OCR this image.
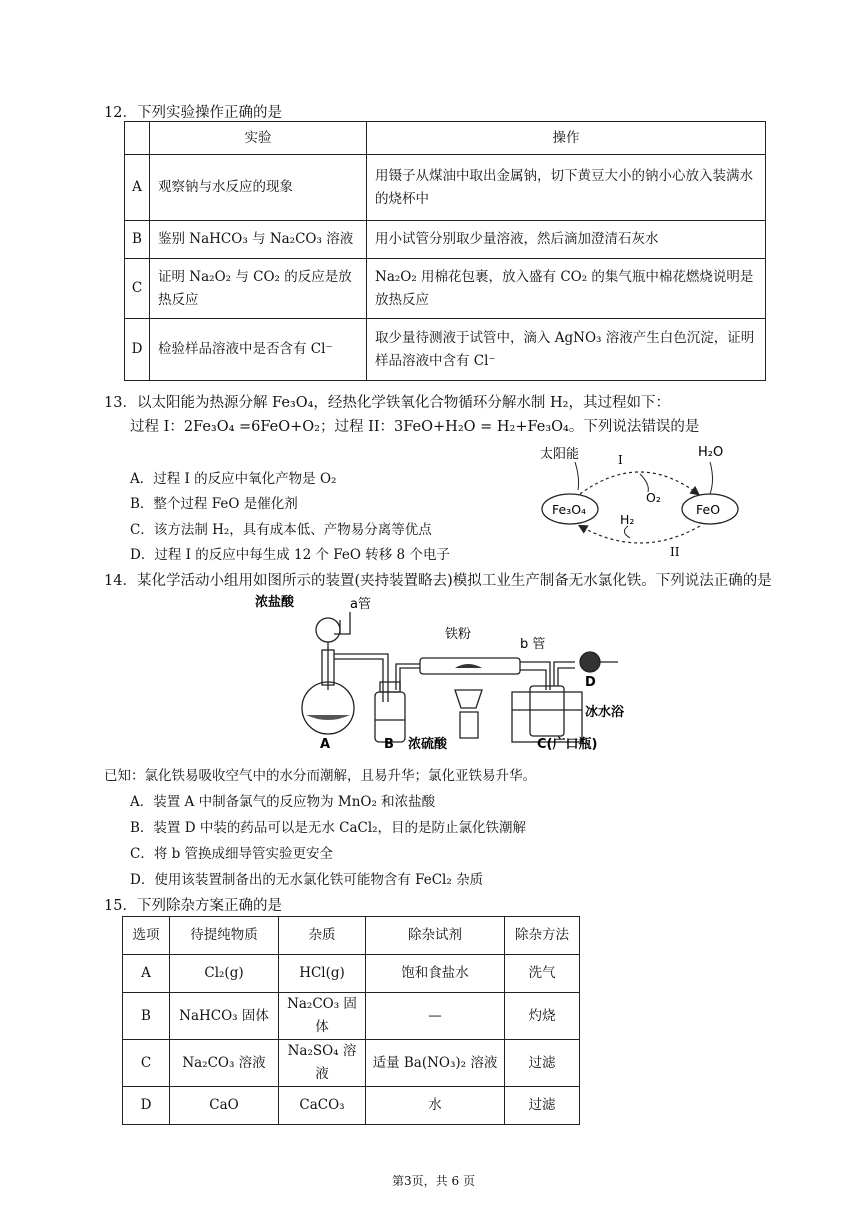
12．下列实验操作正确的是
	实验	操作
A	观察钠与水反应的现象	用镊子从煤油中取出金属钠，切下黄豆大小的钠小心放入装满水的烧杯中
B	鉴别 NaHCO₃ 与 Na₂CO₃ 溶液	用小试管分别取少量溶液，然后滴加澄清石灰水
C	证明 Na₂O₂ 与 CO₂ 的反应是放热反应	Na₂O₂ 用棉花包裹，放入盛有 CO₂ 的集气瓶中棉花燃烧说明是放热反应
D	检验样品溶液中是否含有 Cl⁻	取少量待测液于试管中，滴入 AgNO₃ 溶液产生白色沉淀，证明样品溶液中含有 Cl⁻
13．以太阳能为热源分解 Fe₃O₄，经热化学铁氧化合物循环分解水制 H₂，其过程如下：
过程 I：2Fe₃O₄ =6FeO+O₂；过程 II：3FeO+H₂O = H₂+Fe₃O₄。下列说法错误的是
A．过程 I 的反应中氧化产物是 O₂
B．整个过程 FeO 是催化剂
C．该方法制 H₂，具有成本低、产物易分离等优点
D．过程 I 的反应中每生成 12 个 FeO 转移 8 个电子
太阳能	H₂O
Fe₃O₄	FeO
O₂
H₂
I
II
14．某化学活动小组用如图所示的装置(夹持装置略去)模拟工业生产制备无水氯化铁。下列说法正确的是
浓盐酸	a管
铁粉
b 管
A	B 浓硫酸	C(广口瓶)
冰水浴
D
已知：氯化铁易吸收空气中的水分而潮解，且易升华；氯化亚铁易升华。
A．装置 A 中制备氯气的反应物为 MnO₂ 和浓盐酸
B．装置 D 中装的药品可以是无水 CaCl₂，目的是防止氯化铁潮解
C．将 b 管换成细导管实验更安全
D．使用该装置制备出的无水氯化铁可能物含有 FeCl₂ 杂质
15．下列除杂方案正确的是
选项	待提纯物质	杂质	除杂试剂	除杂方法
A	Cl₂(g)	HCl(g)	饱和食盐水	洗气
B	NaHCO₃ 固体	Na₂CO₃ 固体	—	灼烧
C	Na₂CO₃ 溶液	Na₂SO₄ 溶液	适量 Ba(NO₃)₂ 溶液	过滤
D	CaO	CaCO₃	水	过滤
第3页，共 6 页
